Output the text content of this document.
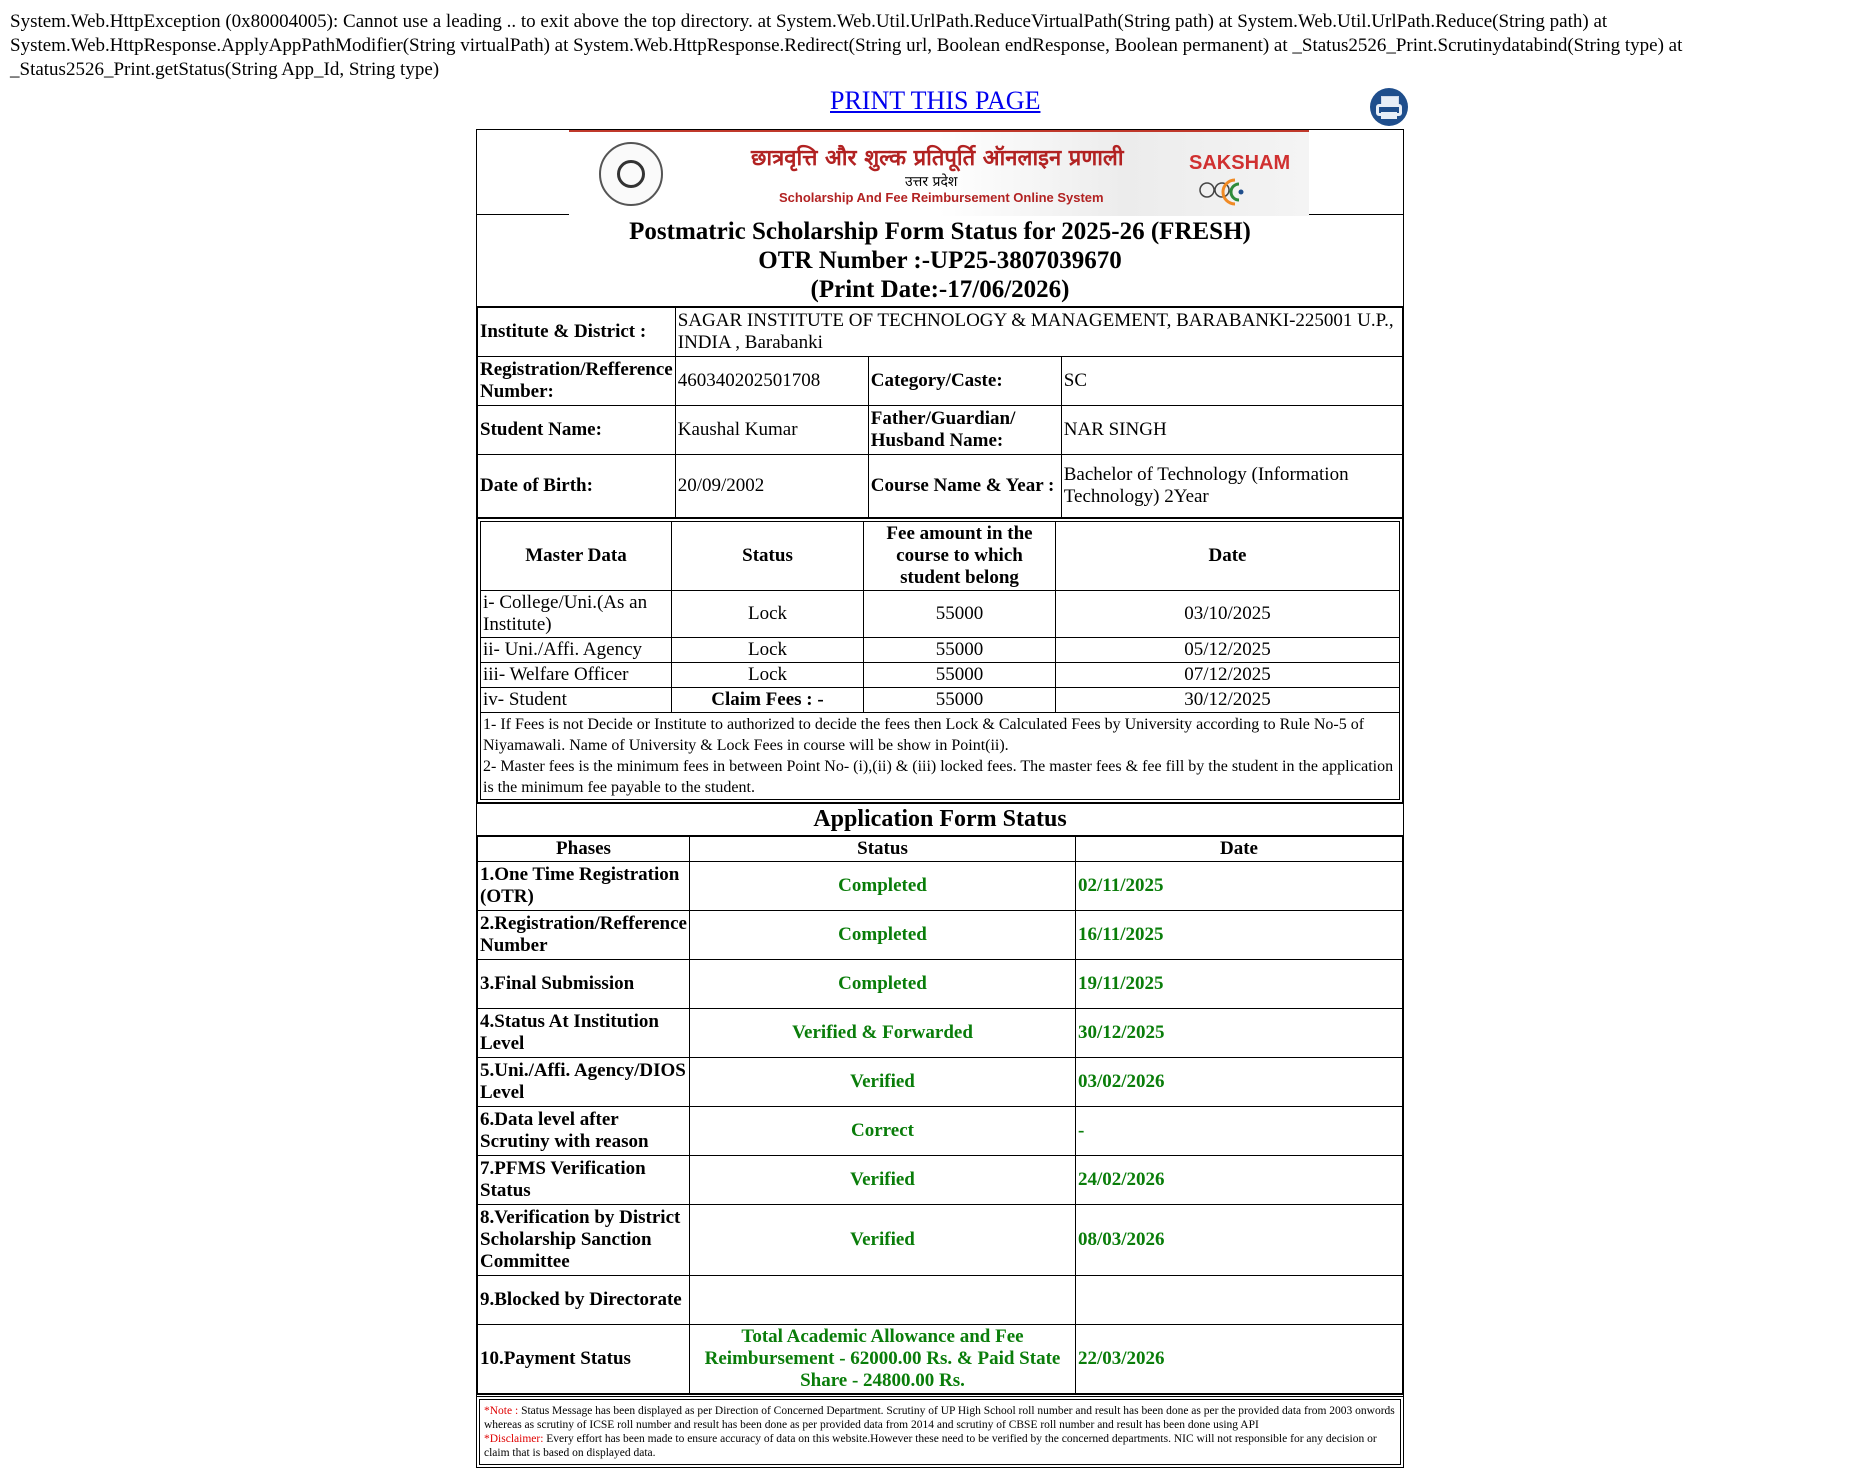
System.Web.HttpException (0x80004005): Cannot use a leading .. to exit above the top directory. at System.Web.Util.UrlPath.ReduceVirtualPath(String path) at System.Web.Util.UrlPath.Reduce(String path) at System.Web.HttpResponse.ApplyAppPathModifier(String virtualPath) at System.Web.HttpResponse.Redirect(String url, Boolean endResponse, Boolean permanent) at _Status2526_Print.Scrutinydatabind(String type) at _Status2526_Print.getStatus(String App_Id, String type)

PRINT THIS PAGE
छात्रवृत्ति और शुल्क प्रतिपूर्ति ऑनलाइन प्रणाली
उत्तर प्रदेश
Scholarship And Fee Reimbursement Online System
SAKSHAM
Postmatric Scholarship Form Status for 2025-26 (FRESH)
OTR Number :-UP25-3807039670
(Print Date:-17/06/2026)
Institute & District :	SAGAR INSTITUTE OF TECHNOLOGY & MANAGEMENT, BARABANKI-225001 U.P., INDIA , Barabanki		
Registration/Refference Number:	460340202501708	Category/Caste:	SC
Student Name:	Kaushal Kumar	Father/Guardian/ Husband Name:	NAR SINGH
Date of Birth:	20/09/2002	Course Name & Year :	Bachelor of Technology (Information Technology) 2Year
Master Data	Status	Fee amount in the course to which student belong	Date
i- College/Uni.(As an Institute)	Lock	55000	03/10/2025
ii- Uni./Affi. Agency	Lock	55000	05/12/2025
iii- Welfare Officer	Lock	55000	07/12/2025
iv- Student	Claim Fees : -	55000	30/12/2025

1- If Fees is not Decide or Institute to authorized to decide the fees then Lock & Calculated Fees by University according to Rule No-5 of Niyamawali. Name of University & Lock Fees in course will be show in Point(ii).
2- Master fees is the minimum fees in between Point No- (i),(ii) & (iii) locked fees. The master fees & fee fill by the student in the application is the minimum fee payable to the student.			
Application Form Status
Phases	Status	Date
1.One Time Registration (OTR)	Completed	02/11/2025
2.Registration/Refference Number	Completed	16/11/2025
3.Final Submission	Completed	19/11/2025
4.Status At Institution Level	Verified & Forwarded	30/12/2025
5.Uni./Affi. Agency/DIOS Level	Verified	03/02/2026
6.Data level after Scrutiny with reason	Correct	-
7.PFMS Verification Status	Verified	24/02/2026
8.Verification by District Scholarship Sanction Committee	Verified	08/03/2026
9.Blocked by Directorate		
10.Payment Status	Total Academic Allowance and Fee Reimbursement - 62000.00 Rs. & Paid State Share - 24800.00 Rs.	22/03/2026
*Note : Status Message has been displayed as per Direction of Concerned Department. Scrutiny of UP High School roll number and result has been done as per the provided data from 2003 onwords whereas as scrutiny of ICSE roll number and result has been done as per provided data from 2014 and scrutiny of CBSE roll number and result has been done using API
*Disclaimer: Every effort has been made to ensure accuracy of data on this website.However these need to be verified by the concerned departments. NIC will not responsible for any decision or claim that is based on displayed data.
